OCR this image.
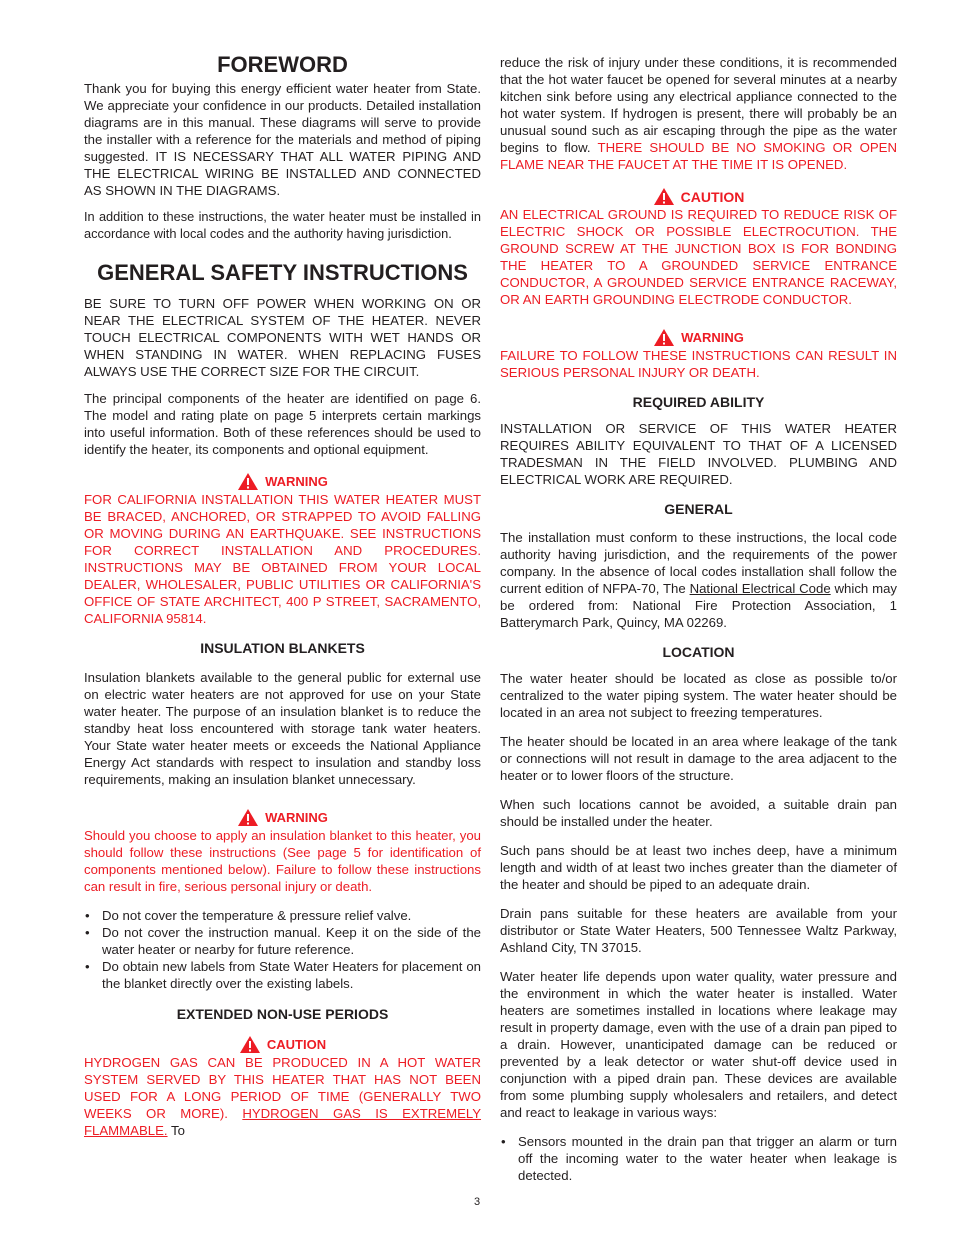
FOREWORD

Thank you for buying this energy efficient water heater from State. We appreciate your confidence in our products. Detailed installation diagrams are in this manual. These diagrams will serve to provide the installer with a reference for the materials and method of piping suggested. IT IS NECESSARY THAT ALL WATER PIPING AND THE ELECTRICAL WIRING BE INSTALLED AND CONNECTED AS SHOWN IN THE DIAGRAMS.

In addition to these instructions, the water heater must be installed in accordance with local codes and the authority having jurisdiction.

GENERAL SAFETY INSTRUCTIONS

BE SURE TO TURN OFF POWER WHEN WORKING ON OR NEAR THE ELECTRICAL SYSTEM OF THE HEATER. NEVER TOUCH ELECTRICAL COMPONENTS WITH WET HANDS OR WHEN STANDING IN WATER. WHEN REPLACING FUSES ALWAYS USE THE CORRECT SIZE FOR THE CIRCUIT.

The principal components of the heater are identified on page 6. The model and rating plate on page 5 interprets certain markings into useful information. Both of these references should be used to identify the heater, its components and optional equipment.

WARNING

FOR CALIFORNIA INSTALLATION THIS WATER HEATER MUST BE BRACED, ANCHORED, OR STRAPPED TO AVOID FALLING OR MOVING DURING AN EARTHQUAKE. SEE INSTRUCTIONS FOR CORRECT INSTALLATION AND PROCEDURES. INSTRUCTIONS MAY BE OBTAINED FROM YOUR LOCAL DEALER, WHOLESALER, PUBLIC UTILITIES OR CALIFORNIA'S OFFICE OF STATE ARCHITECT, 400 P STREET, SACRAMENTO, CALIFORNIA 95814.

INSULATION BLANKETS

Insulation blankets available to the general public for external use on electric water heaters are not approved for use on your State water heater. The purpose of an insulation blanket is to reduce the standby heat loss encountered with storage tank water heaters. Your State water heater meets or exceeds the National Appliance Energy Act standards with respect to insulation and standby loss requirements, making an insulation blanket unnecessary.

WARNING

Should you choose to apply an insulation blanket to this heater, you should follow these instructions (See page 5 for identification of components mentioned below). Failure to follow these instructions can result in fire, serious personal injury or death.

• Do not cover the temperature & pressure relief valve.
• Do not cover the instruction manual. Keep it on the side of the water heater or nearby for future reference.
• Do obtain new labels from State Water Heaters for placement on the blanket directly over the existing labels.
EXTENDED NON-USE PERIODS
CAUTION

HYDROGEN GAS CAN BE PRODUCED IN A HOT WATER SYSTEM SERVED BY THIS HEATER THAT HAS NOT BEEN USED FOR A LONG PERIOD OF TIME (GENERALLY TWO WEEKS OR MORE). HYDROGEN GAS IS EXTREMELY FLAMMABLE. To

reduce the risk of injury under these conditions, it is recommended that the hot water faucet be opened for several minutes at a nearby kitchen sink before using any electrical appliance connected to the hot water system. If hydrogen is present, there will probably be an unusual sound such as air escaping through the pipe as the water begins to flow. THERE SHOULD BE NO SMOKING OR OPEN FLAME NEAR THE FAUCET AT THE TIME IT IS OPENED.

CAUTION

AN ELECTRICAL GROUND IS REQUIRED TO REDUCE RISK OF ELECTRIC SHOCK OR POSSIBLE ELECTROCUTION. THE GROUND SCREW AT THE JUNCTION BOX IS FOR BONDING THE HEATER TO A GROUNDED SERVICE ENTRANCE CONDUCTOR, A GROUNDED SERVICE ENTRANCE RACEWAY, OR AN EARTH GROUNDING ELECTRODE CONDUCTOR.

WARNING

FAILURE TO FOLLOW THESE INSTRUCTIONS CAN RESULT IN SERIOUS PERSONAL INJURY OR DEATH.

REQUIRED ABILITY

INSTALLATION OR SERVICE OF THIS WATER HEATER REQUIRES ABILITY EQUIVALENT TO THAT OF A LICENSED TRADESMAN IN THE FIELD INVOLVED. PLUMBING AND ELECTRICAL WORK ARE REQUIRED.

GENERAL

The installation must conform to these instructions, the local code authority having jurisdiction, and the requirements of the power company. In the absence of local codes installation shall follow the current edition of NFPA-70, The National Electrical Code which may be ordered from: National Fire Protection Association, 1 Batterymarch Park, Quincy, MA 02269.

LOCATION

The water heater should be located as close as possible to/or centralized to the water piping system. The water heater should be located in an area not subject to freezing temperatures.

The heater should be located in an area where leakage of the tank or connections will not result in damage to the area adjacent to the heater or to lower floors of the structure.

When such locations cannot be avoided, a suitable drain pan should be installed under the heater.

Such pans should be at least two inches deep, have a minimum length and width of at least two inches greater than the diameter of the heater and should be piped to an adequate drain.

Drain pans suitable for these heaters are available from your distributor or State Water Heaters, 500 Tennessee Waltz Parkway, Ashland City, TN 37015.

Water heater life depends upon water quality, water pressure and the environment in which the water heater is installed. Water heaters are sometimes installed in locations where leakage may result in property damage, even with the use of a drain pan piped to a drain. However, unanticipated damage can be reduced or prevented by a leak detector or water shut-off device used in conjunction with a piped drain pan. These devices are available from some plumbing supply wholesalers and retailers, and detect and react to leakage in various ways:

• Sensors mounted in the drain pan that trigger an alarm or turn off the incoming water to the water heater when leakage is detected.
3
